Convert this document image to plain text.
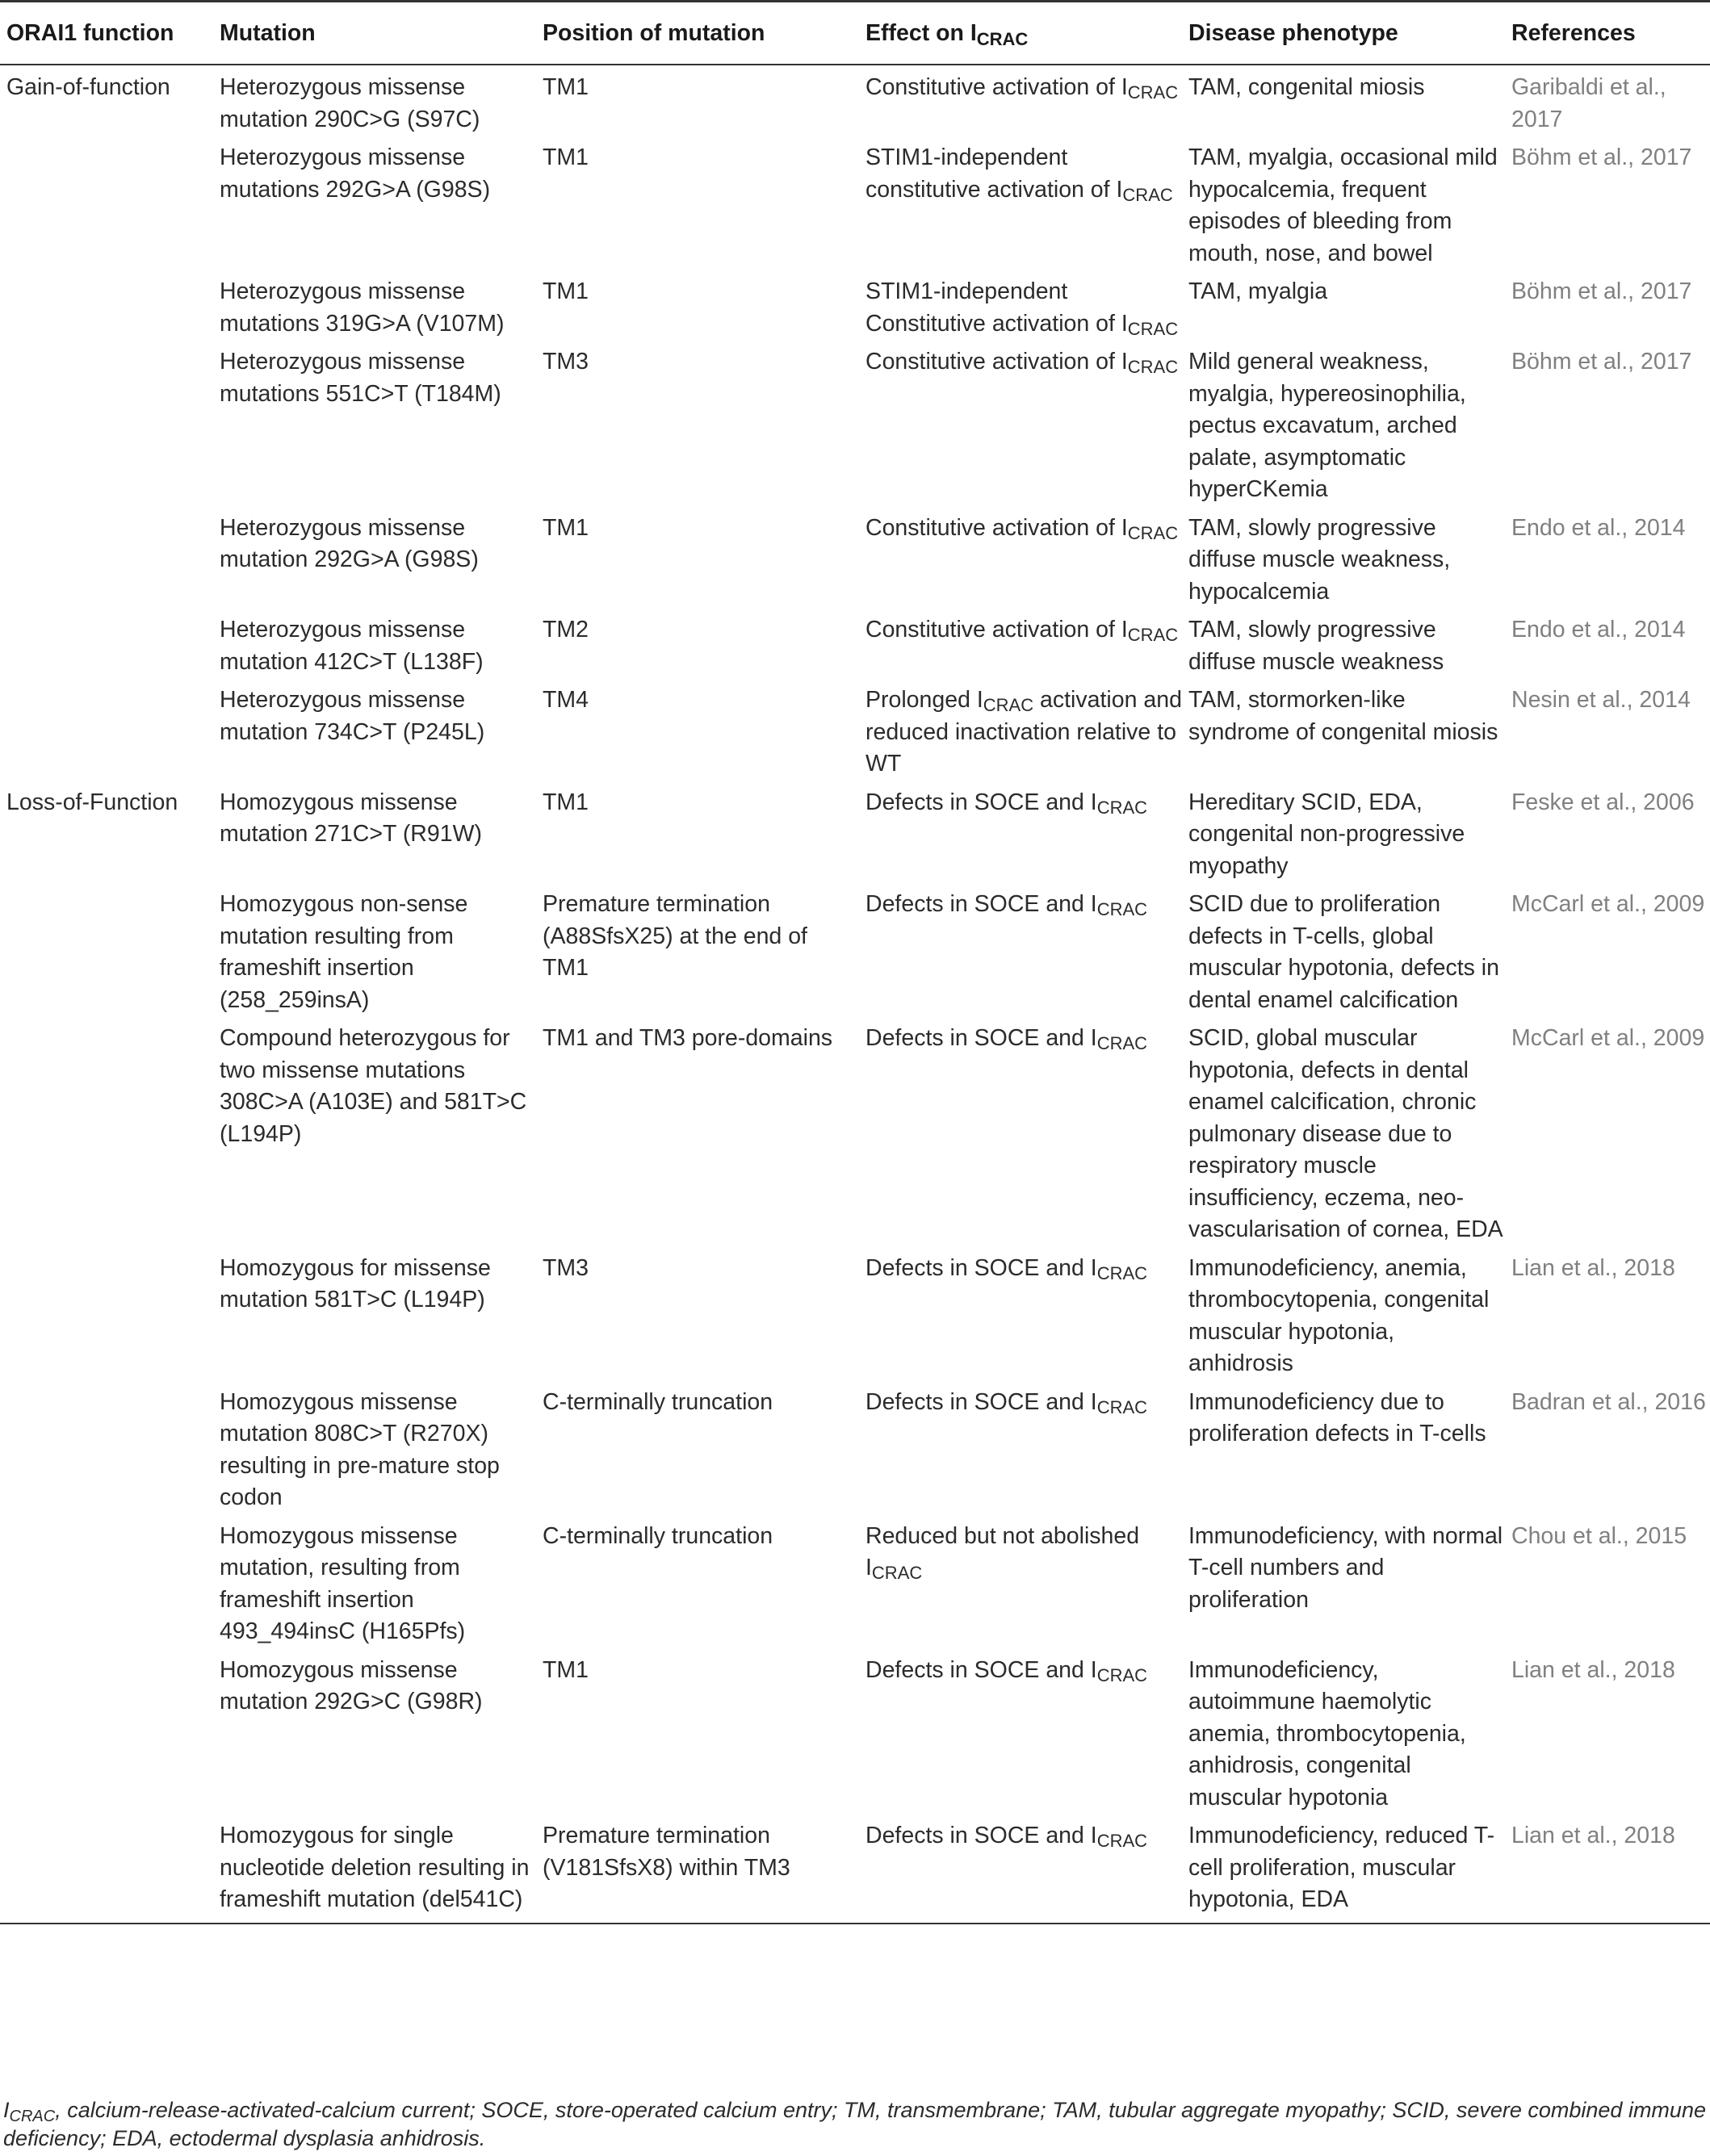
ORAI1 function	Mutation	Position of mutation	Effect on $I_{CRAC}$	Disease phenotype	References
Gain-of-function	Heterozygous missense mutation 290C>G (S97C)	TM1	Constitutive activation of $I_{CRAC}$	TAM, congenital miosis	Garibaldi et al., 2017
	Heterozygous missense mutations 292G>A (G98S)	TM1	STIM1-independent constitutive activation of $I_{CRAC}$	TAM, myalgia, occasional mild hypocalcemia, frequent episodes of bleeding from mouth, nose, and bowel	Böhm et al., 2017
	Heterozygous missense mutations 319G>A (V107M)	TM1	STIM1-independent Constitutive activation of $I_{CRAC}$	TAM, myalgia	Böhm et al., 2017
	Heterozygous missense mutations 551C>T (T184M)	TM3	Constitutive activation of $I_{CRAC}$	Mild general weakness, myalgia, hypereosinophilia, pectus excavatum, arched palate, asymptomatic hyperCKemia	Böhm et al., 2017
	Heterozygous missense mutation 292G>A (G98S)	TM1	Constitutive activation of $I_{CRAC}$	TAM, slowly progressive diffuse muscle weakness, hypocalcemia	Endo et al., 2014
	Heterozygous missense mutation 412C>T (L138F)	TM2	Constitutive activation of $I_{CRAC}$	TAM, slowly progressive diffuse muscle weakness	Endo et al., 2014
	Heterozygous missense mutation 734C>T (P245L)	TM4	Prolonged $I_{CRAC}$ activation and reduced inactivation relative to WT	TAM, stormorken-like syndrome of congenital miosis	Nesin et al., 2014
Loss-of-Function	Homozygous missense mutation 271C>T (R91W)	TM1	Defects in SOCE and $I_{CRAC}$	Hereditary SCID, EDA, congenital non-progressive myopathy	Feske et al., 2006
	Homozygous non-sense mutation resulting from frameshift insertion (258_259insA)	Premature termination (A88SfsX25) at the end of TM1	Defects in SOCE and $I_{CRAC}$	SCID due to proliferation defects in T-cells, global muscular hypotonia, defects in dental enamel calcification	McCarl et al., 2009
	Compound heterozygous for two missense mutations 308C>A (A103E) and 581T>C (L194P)	TM1 and TM3 pore-domains	Defects in SOCE and $I_{CRAC}$	SCID, global muscular hypotonia, defects in dental enamel calcification, chronic pulmonary disease due to respiratory muscle insufficiency, eczema, neo-vascularisation of cornea, EDA	McCarl et al., 2009
	Homozygous for missense mutation 581T>C (L194P)	TM3	Defects in SOCE and $I_{CRAC}$	Immunodeficiency, anemia, thrombocytopenia, congenital muscular hypotonia, anhidrosis	Lian et al., 2018
	Homozygous missense mutation 808C>T (R270X) resulting in pre-mature stop codon	C-terminally truncation	Defects in SOCE and $I_{CRAC}$	Immunodeficiency due to proliferation defects in T-cells	Badran et al., 2016
	Homozygous missense mutation, resulting from frameshift insertion 493_494insC (H165Pfs)	C-terminally truncation	Reduced but not abolished $I_{CRAC}$	Immunodeficiency, with normal T-cell numbers and proliferation	Chou et al., 2015
	Homozygous missense mutation 292G>C (G98R)	TM1	Defects in SOCE and $I_{CRAC}$	Immunodeficiency, autoimmune haemolytic anemia, thrombocytopenia, anhidrosis, congenital muscular hypotonia	Lian et al., 2018
	Homozygous for single nucleotide deletion resulting in frameshift mutation (del541C)	Premature termination (V181SfsX8) within TM3	Defects in SOCE and $I_{CRAC}$	Immunodeficiency, reduced T-cell proliferation, muscular hypotonia, EDA	Lian et al., 2018
$I_{CRAC}$, calcium-release-activated-calcium current; SOCE, store-operated calcium entry; TM, transmembrane; TAM, tubular aggregate myopathy; SCID, severe combined immune deficiency; EDA, ectodermal dysplasia anhidrosis.
